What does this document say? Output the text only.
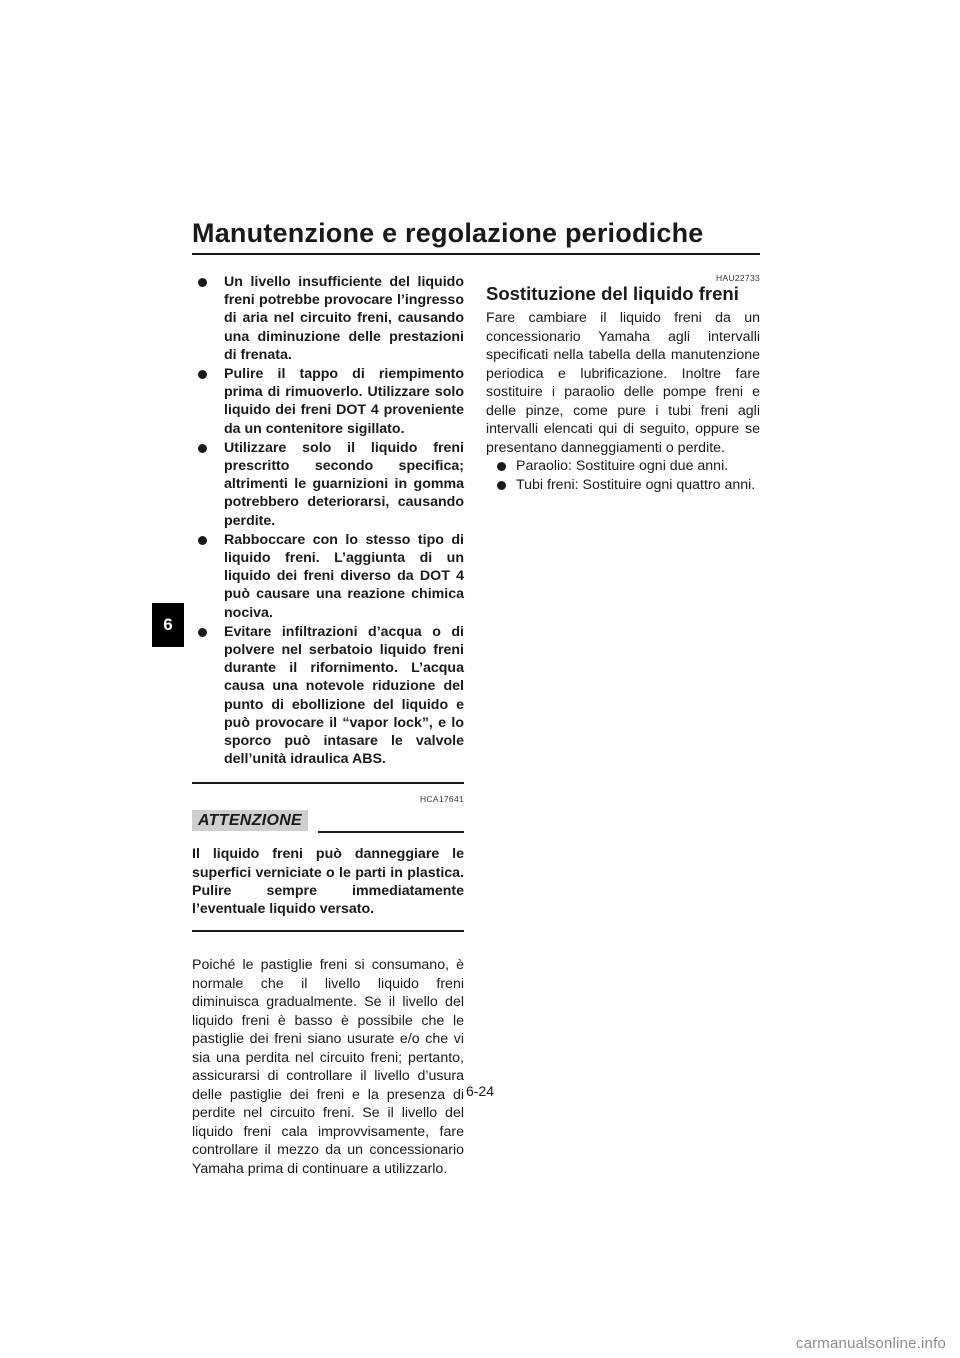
Manutenzione e regolazione periodiche
6
Un livello insufficiente del liquido freni potrebbe provocare l’ingresso di aria nel circuito freni, causando una diminuzione delle prestazioni di frenata.
Pulire il tappo di riempimento prima di rimuoverlo. Utilizzare solo liquido dei freni DOT 4 proveniente da un contenitore sigillato.
Utilizzare solo il liquido freni prescritto secondo specifica; altrimenti le guarnizioni in gomma potrebbero deteriorarsi, causando perdite.
Rabboccare con lo stesso tipo di liquido freni. L’aggiunta di un liquido dei freni diverso da DOT 4 può causare una reazione chimica nociva.
Evitare infiltrazioni d’acqua o di polvere nel serbatoio liquido freni durante il rifornimento. L’acqua causa una notevole riduzione del punto di ebollizione del liquido e può provocare il “vapor lock”, e lo sporco può intasare le valvole dell’unità idraulica ABS.
HCA17641
ATTENZIONE
Il liquido freni può danneggiare le superfici verniciate o le parti in plastica. Pulire sempre immediatamente l’eventuale liquido versato.

Poiché le pastiglie freni si consumano, è normale che il livello liquido freni diminuisca gradualmente. Se il livello del liquido freni è basso è possibile che le pastiglie dei freni siano usurate e/o che vi sia una perdita nel circuito freni; pertanto, assicurarsi di controllare il livello d’usura delle pastiglie dei freni e la presenza di perdite nel circuito freni. Se il livello del liquido freni cala improvvisamente, fare controllare il mezzo da un concessionario Yamaha prima di continuare a utilizzarlo.

HAU22733
Sostituzione del liquido freni

Fare cambiare il liquido freni da un concessionario Yamaha agli intervalli specificati nella tabella della manutenzione periodica e lubrificazione. Inoltre fare sostituire i paraolio delle pompe freni e delle pinze, come pure i tubi freni agli intervalli elencati qui di seguito, oppure se presentano danneggiamenti o perdite.

Paraolio: Sostituire ogni due anni.
Tubi freni: Sostituire ogni quattro anni.
6-24
carmanualsonline.info
